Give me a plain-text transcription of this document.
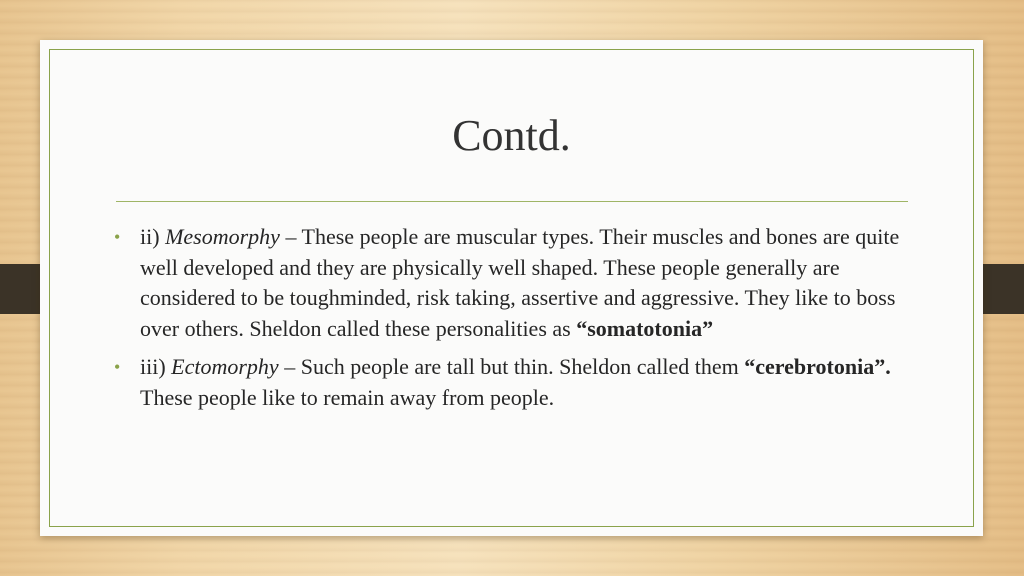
Contd.
• ii) Mesomorphy – These people are muscular types. Their muscles and bones are quite well developed and they are physically well shaped. These people generally are considered to be toughminded, risk taking, assertive and aggressive. They like to boss over others. Sheldon called these personalities as “somatotonia”
• iii) Ectomorphy – Such people are tall but thin. Sheldon called them “cerebrotonia”. These people like to remain away from people.
